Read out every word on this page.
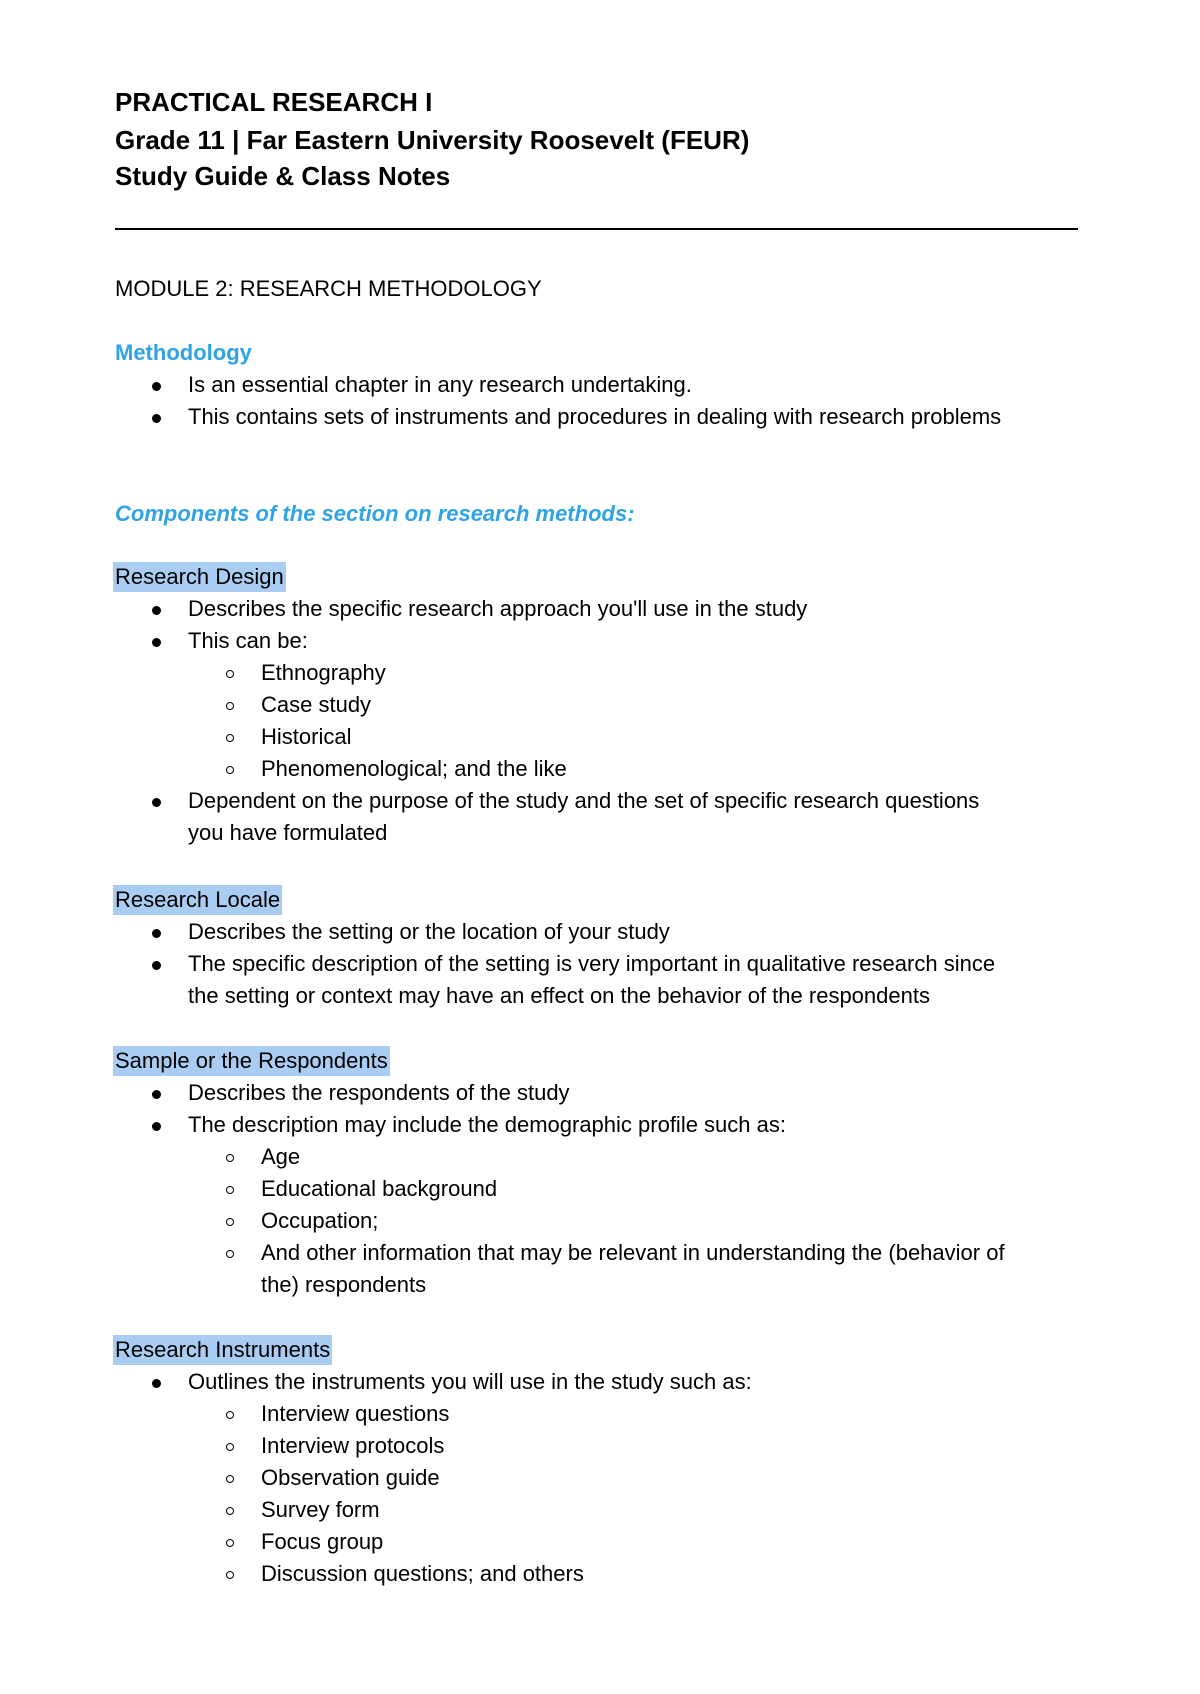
PRACTICAL RESEARCH I
Grade 11 | Far Eastern University Roosevelt (FEUR)
Study Guide & Class Notes
MODULE 2: RESEARCH METHODOLOGY
Methodology
Is an essential chapter in any research undertaking.
This contains sets of instruments and procedures in dealing with research problems
Components of the section on research methods:
Research Design
Describes the specific research approach you'll use in the study
This can be:
Ethnography
Case study
Historical
Phenomenological; and the like
Dependent on the purpose of the study and the set of specific research questions
you have formulated
Research Locale
Describes the setting or the location of your study
The specific description of the setting is very important in qualitative research since
the setting or context may have an effect on the behavior of the respondents
Sample or the Respondents
Describes the respondents of the study
The description may include the demographic profile such as:
Age
Educational background
Occupation;
And other information that may be relevant in understanding the (behavior of
the) respondents
Research Instruments
Outlines the instruments you will use in the study such as:
Interview questions
Interview protocols
Observation guide
Survey form
Focus group
Discussion questions; and others
